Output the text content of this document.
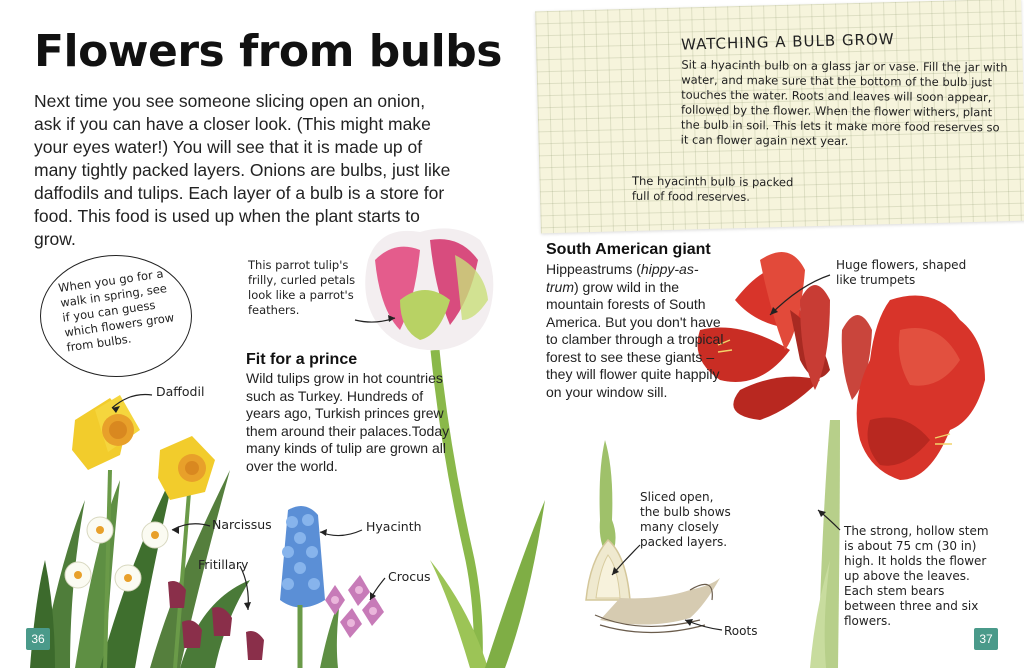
Flowers from bulbs
Next time you see someone slicing open an onion, ask if you can have a closer look. (This might make your eyes water!) You will see that it is made up of many tightly packed layers. Onions are bulbs, just like daffodils and tulips. Each layer of a bulb is a store for food. This food is used up when the plant starts to grow.
When you go for a walk in spring, see if you can guess which flowers grow from bulbs.
This parrot tulip's frilly, curled petals look like a parrot's feathers.
Fit for a prince
Wild tulips grow in hot countries such as Turkey. Hundreds of years ago, Turkish princes grew them around their palaces.Today many kinds of tulip are grown all over the world.
Daffodil
Narcissus
Fritillary
Hyacinth
Crocus
36
WATCHING A BULB GROW
Sit a hyacinth bulb on a glass jar or vase. Fill the jar with water, and make sure that the bottom of the bulb just touches the water. Roots and leaves will soon appear, followed by the flower. When the flower withers, plant the bulb in soil. This lets it make more food reserves so it can flower again next year.
The hyacinth bulb is packed full of food reserves.
South American giant
Hippeastrums (hippy-as-trum) grow wild in the mountain forests of South America. But you don't have to clamber through a tropical forest to see these giants – they will flower quite happily on your window sill.
Huge flowers, shaped like trumpets
Sliced open, the bulb shows many closely packed layers.
Roots
The strong, hollow stem is about 75 cm (30 in) high. It holds the flower up above the leaves. Each stem bears between three and six flowers.
37
